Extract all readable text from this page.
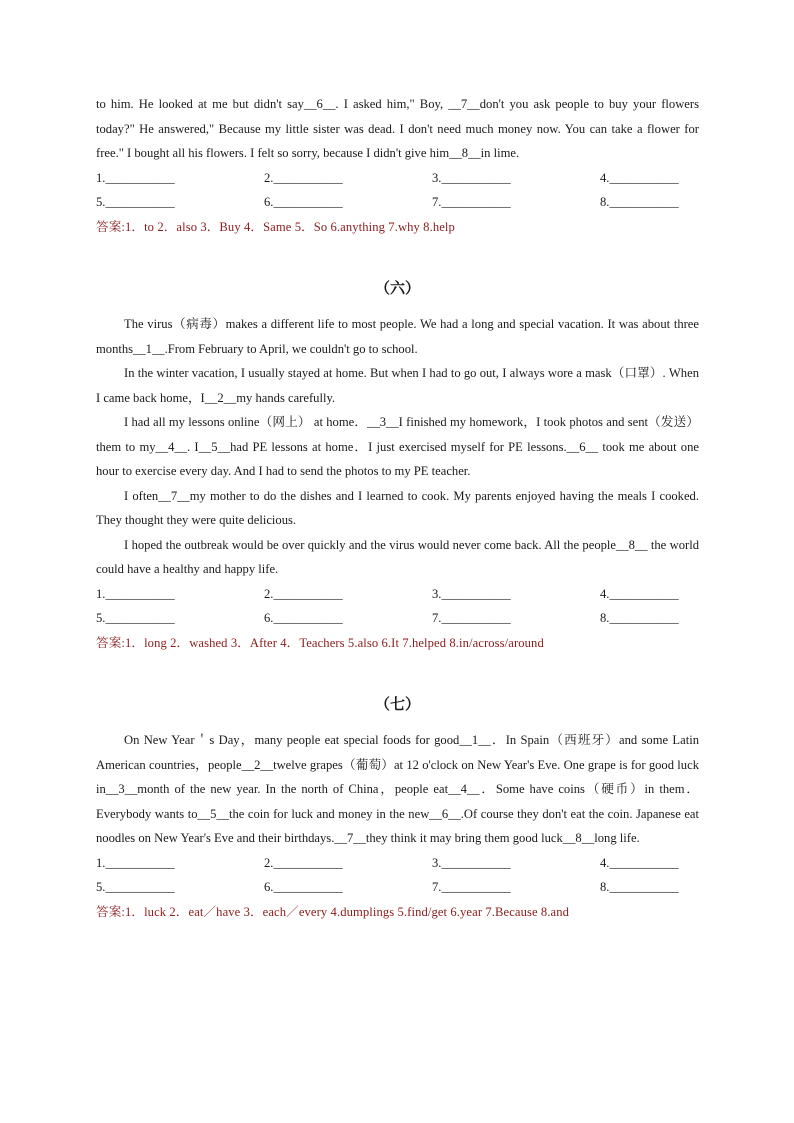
to him. He looked at me but didn't say__6__. I asked him," Boy, __7__don't you ask people to buy your flowers today?" He answered," Because my little sister was dead. I don't need much money now. You can take a flower for free." I bought all his flowers. I felt so sorry, because I didn't give him__8__in lime.

1.___________	2.___________	3.___________	4.___________
5.___________	6.___________	7.___________	8.___________

答案:1．to 2．also 3．Buy 4．Same 5．So 6.anything 7.why 8.help

（六）

The virus（病毒）makes a different life to most people. We had a long and special vacation. It was about three months__1__.From February to April, we couldn't go to school.

In the winter vacation, I usually stayed at home. But when I had to go out, I always wore a mask（口罩）. When I came back home，I__2__my hands carefully.

I had all my lessons online（网上） at home．__3__I finished my homework，I took photos and sent（发送）them to my__4__. I__5__had PE lessons at home．I just exercised myself for PE lessons.__6__ took me about one hour to exercise every day. And I had to send the photos to my PE teacher.

I often__7__my mother to do the dishes and I learned to cook. My parents enjoyed having the meals I cooked. They thought they were quite delicious.

I hoped the outbreak would be over quickly and the virus would never come back. All the people__8__ the world could have a healthy and happy life.

1.___________	2.___________	3.___________	4.___________
5.___________	6.___________	7.___________	8.___________

答案:1．long 2．washed 3．After 4．Teachers 5.also 6.It 7.helped 8.in/across/around

（七）

On New Year＇s Day，many people eat special foods for good__1__．In Spain（西班牙）and some Latin American countries，people__2__twelve grapes（葡萄）at 12 o'clock on New Year's Eve. One grape is for good luck in__3__month of the new year. In the north of China，people eat__4__．Some have coins（硬币）in them．Everybody wants to__5__the coin for luck and money in the new__6__.Of course they don't eat the coin. Japanese eat noodles on New Year's Eve and their birthdays.__7__they think it may bring them good luck__8__long life.

1.___________	2.___________	3.___________	4.___________
5.___________	6.___________	7.___________	8.___________

答案:1．luck 2．eat／have 3．each／every 4.dumplings 5.find/get 6.year 7.Because 8.and
